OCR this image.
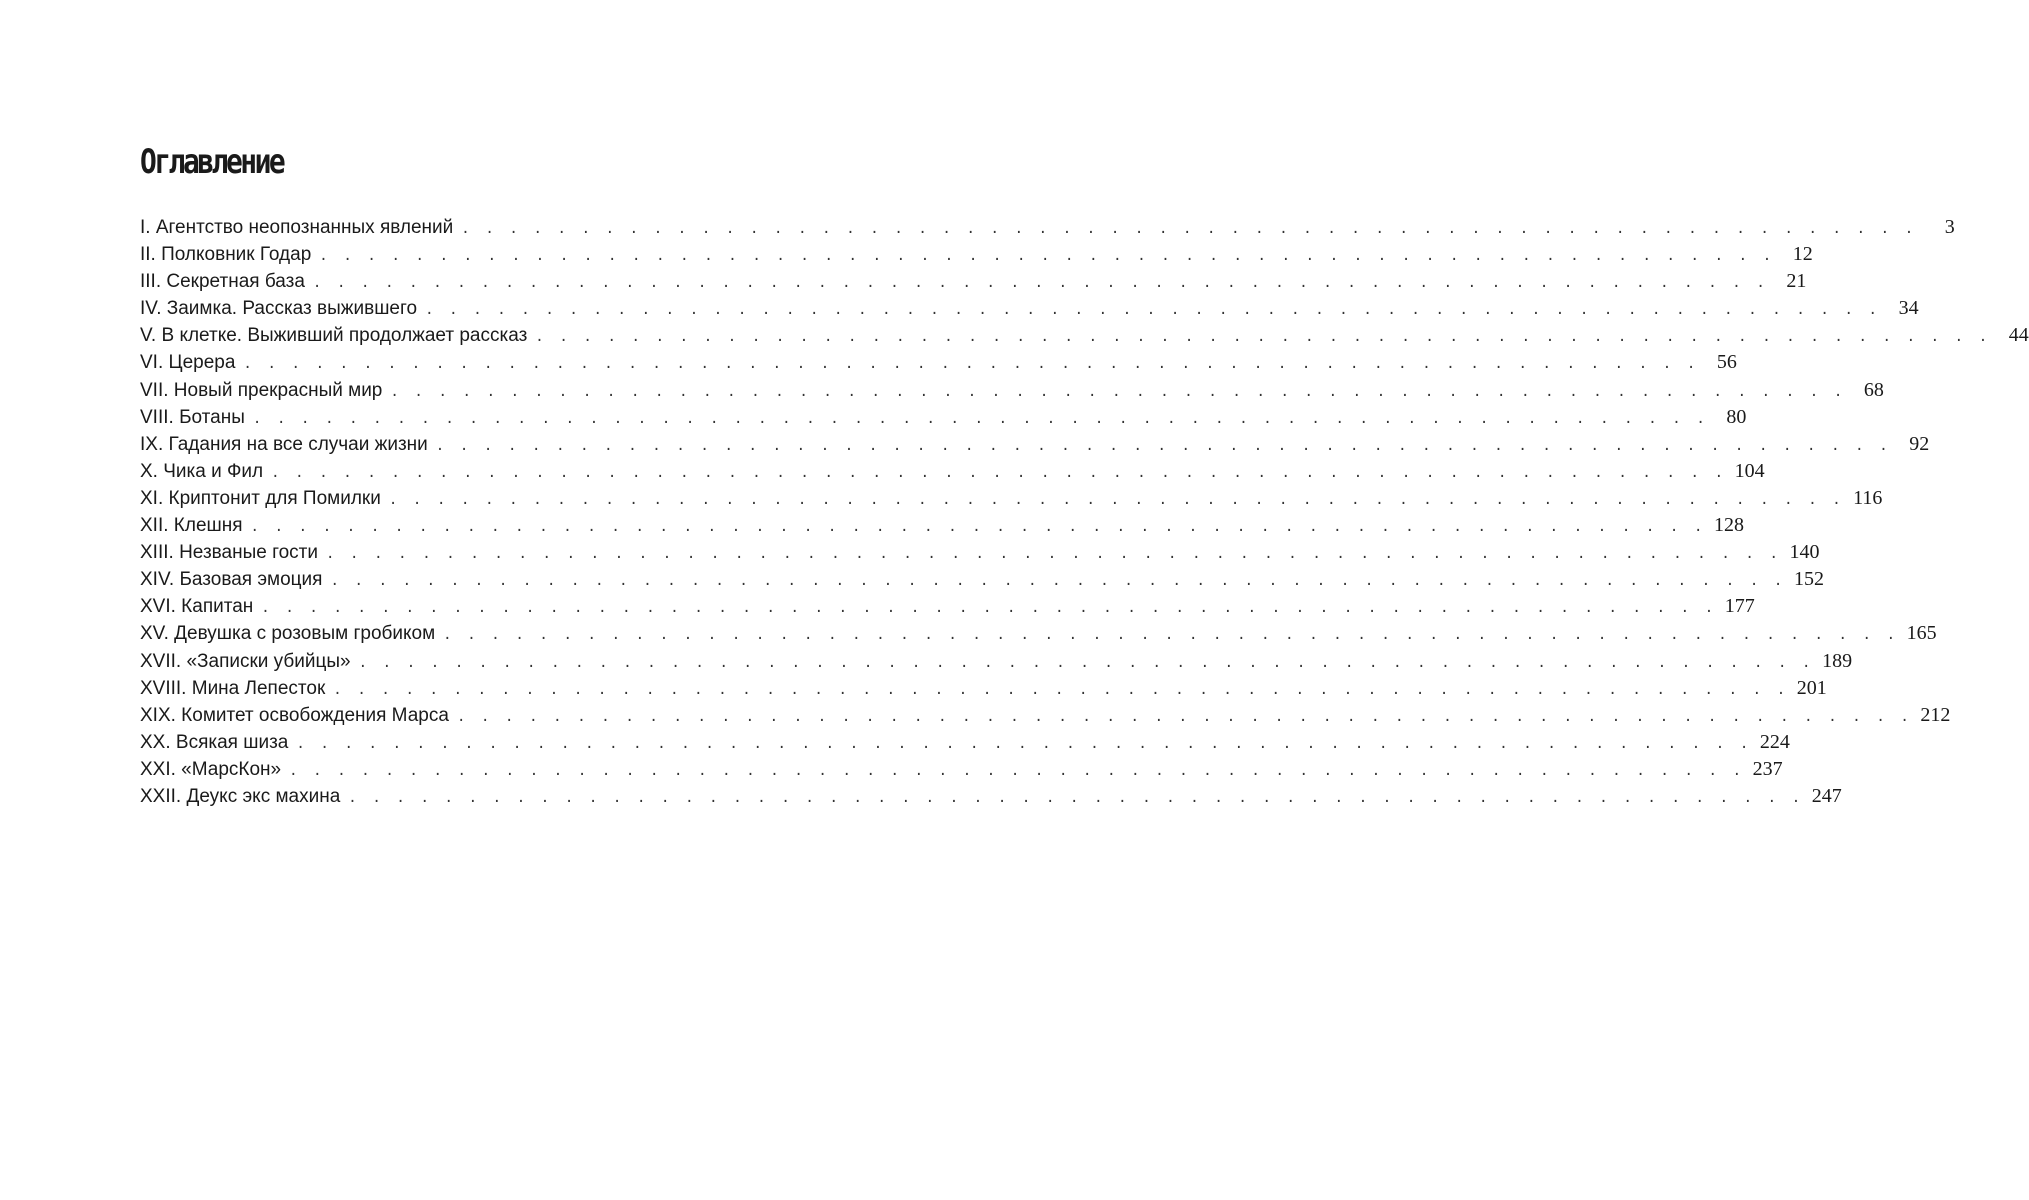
Оглавление
I. Агентство неопознанных явлений . . . . . . . . . . . . . . . . . . . . . . . . . . . . . . . . . . . . . . . . . . . . . . . . . . . . . . . . . . . . .	3
II. Полковник Годар . . . . . . . . . . . . . . . . . . . . . . . . . . . . . . . . . . . . . . . . . . . . . . . . . . . . . . . . . . . . . 12
III. Секретная база . . . . . . . . . . . . . . . . . . . . . . . . . . . . . . . . . . . . . . . . . . . . . . . . . . . . . . . . . . . . . 21
IV. Заимка. Рассказ выжившего . . . . . . . . . . . . . . . . . . . . . . . . . . . . . . . . . . . . . . . . . . . . . . . . . . . . . . . . . . . . . 34
V. В клетке. Выживший продолжает рассказ . . . . . . . . . . . . . . . . . . . . . . . . . . . . . . . . . . . . . . . . . . . . . . . . . . . . . . . . . . . . . 44
VI. Церера . . . . . . . . . . . . . . . . . . . . . . . . . . . . . . . . . . . . . . . . . . . . . . . . . . . . . . . . . . . . . 56
VII. Новый прекрасный мир . . . . . . . . . . . . . . . . . . . . . . . . . . . . . . . . . . . . . . . . . . . . . . . . . . . . . . . . . . . . . 68
VIII. Ботаны . . . . . . . . . . . . . . . . . . . . . . . . . . . . . . . . . . . . . . . . . . . . . . . . . . . . . . . . . . . . . 80
IX. Гадания на все случаи жизни . . . . . . . . . . . . . . . . . . . . . . . . . . . . . . . . . . . . . . . . . . . . . . . . . . . . . . . . . . . . . 92
X. Чика и Фил . . . . . . . . . . . . . . . . . . . . . . . . . . . . . . . . . . . . . . . . . . . . . . . . . . . . . . . . . . . . . 104
XI. Криптонит для Помилки . . . . . . . . . . . . . . . . . . . . . . . . . . . . . . . . . . . . . . . . . . . . . . . . . . . . . . . . . . . . . 116
XII. Клешня . . . . . . . . . . . . . . . . . . . . . . . . . . . . . . . . . . . . . . . . . . . . . . . . . . . . . . . . . . . . . 128
XIII. Незваные гости . . . . . . . . . . . . . . . . . . . . . . . . . . . . . . . . . . . . . . . . . . . . . . . . . . . . . . . . . . . . . 140
XIV. Базовая эмоция . . . . . . . . . . . . . . . . . . . . . . . . . . . . . . . . . . . . . . . . . . . . . . . . . . . . . . . . . . . . . 152
XVI. Капитан . . . . . . . . . . . . . . . . . . . . . . . . . . . . . . . . . . . . . . . . . . . . . . . . . . . . . . . . . . . . . 177
XV. Девушка с розовым гробиком . . . . . . . . . . . . . . . . . . . . . . . . . . . . . . . . . . . . . . . . . . . . . . . . . . . . . . . . . . . . . 165
XVII. «Записки убийцы» . . . . . . . . . . . . . . . . . . . . . . . . . . . . . . . . . . . . . . . . . . . . . . . . . . . . . . . . . . . . . 189
XVIII. Мина Лепесток . . . . . . . . . . . . . . . . . . . . . . . . . . . . . . . . . . . . . . . . . . . . . . . . . . . . . . . . . . . . . 201
XIX. Комитет освобождения Марса . . . . . . . . . . . . . . . . . . . . . . . . . . . . . . . . . . . . . . . . . . . . . . . . . . . . . . . . . . . . . 212
XX. Всякая шиза . . . . . . . . . . . . . . . . . . . . . . . . . . . . . . . . . . . . . . . . . . . . . . . . . . . . . . . . . . . . . 224
XXI. «МарсКон» . . . . . . . . . . . . . . . . . . . . . . . . . . . . . . . . . . . . . . . . . . . . . . . . . . . . . . . . . . . . . 237
XXII. Деукс экс махина . . . . . . . . . . . . . . . . . . . . . . . . . . . . . . . . . . . . . . . . . . . . . . . . . . . . . . . . . . . . . 247
